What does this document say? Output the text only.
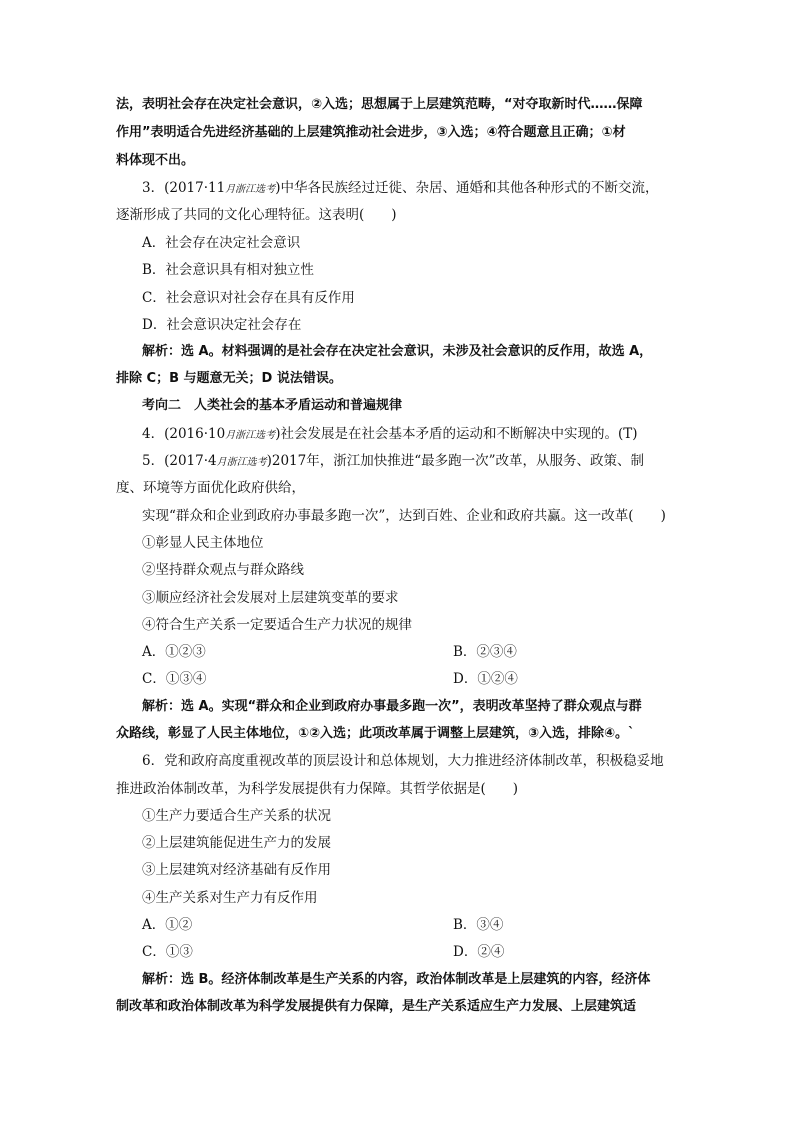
法，表明社会存在决定社会意识，②入选；思想属于上层建筑范畴，“对夺取新时代……保障
作用”表明适合先进经济基础的上层建筑推动社会进步，③入选；④符合题意且正确；①材
料体现不出。
3．(2017·11月浙江选考)中华各民族经过迁徙、杂居、通婚和其他各种形式的不断交流，
逐渐形成了共同的文化心理特征。这表明(　　)
A．社会存在决定社会意识
B．社会意识具有相对独立性
C．社会意识对社会存在具有反作用
D．社会意识决定社会存在
解析：选 A。材料强调的是社会存在决定社会意识，未涉及社会意识的反作用，故选 A，
排除 C；B 与题意无关；D 说法错误。
考向二　人类社会的基本矛盾运动和普遍规律
4．(2016·10月浙江选考)社会发展是在社会基本矛盾的运动和不断解决中实现的。(T)
5．(2017·4月浙江选考)2017年，浙江加快推进“最多跑一次”改革，从服务、政策、制
度、环境等方面优化政府供给，
实现“群众和企业到政府办事最多跑一次”，达到百姓、企业和政府共赢。这一改革(　　)
①彰显人民主体地位
②坚持群众观点与群众路线
③顺应经济社会发展对上层建筑变革的要求
④符合生产关系一定要适合生产力状况的规律
A．①②③	B．②③④
C．①③④	D．①②④
解析：选 A。实现“群众和企业到政府办事最多跑一次”，表明改革坚持了群众观点与群
众路线，彰显了人民主体地位，①②入选；此项改革属于调整上层建筑，③入选，排除④。`
6．党和政府高度重视改革的顶层设计和总体规划，大力推进经济体制改革，积极稳妥地
推进政治体制改革，为科学发展提供有力保障。其哲学依据是(　　)
①生产力要适合生产关系的状况
②上层建筑能促进生产力的发展
③上层建筑对经济基础有反作用
④生产关系对生产力有反作用
A．①②	B．③④
C．①③	D．②④
解析：选 B。经济体制改革是生产关系的内容，政治体制改革是上层建筑的内容，经济体
制改革和政治体制改革为科学发展提供有力保障，是生产关系适应生产力发展、上层建筑适
